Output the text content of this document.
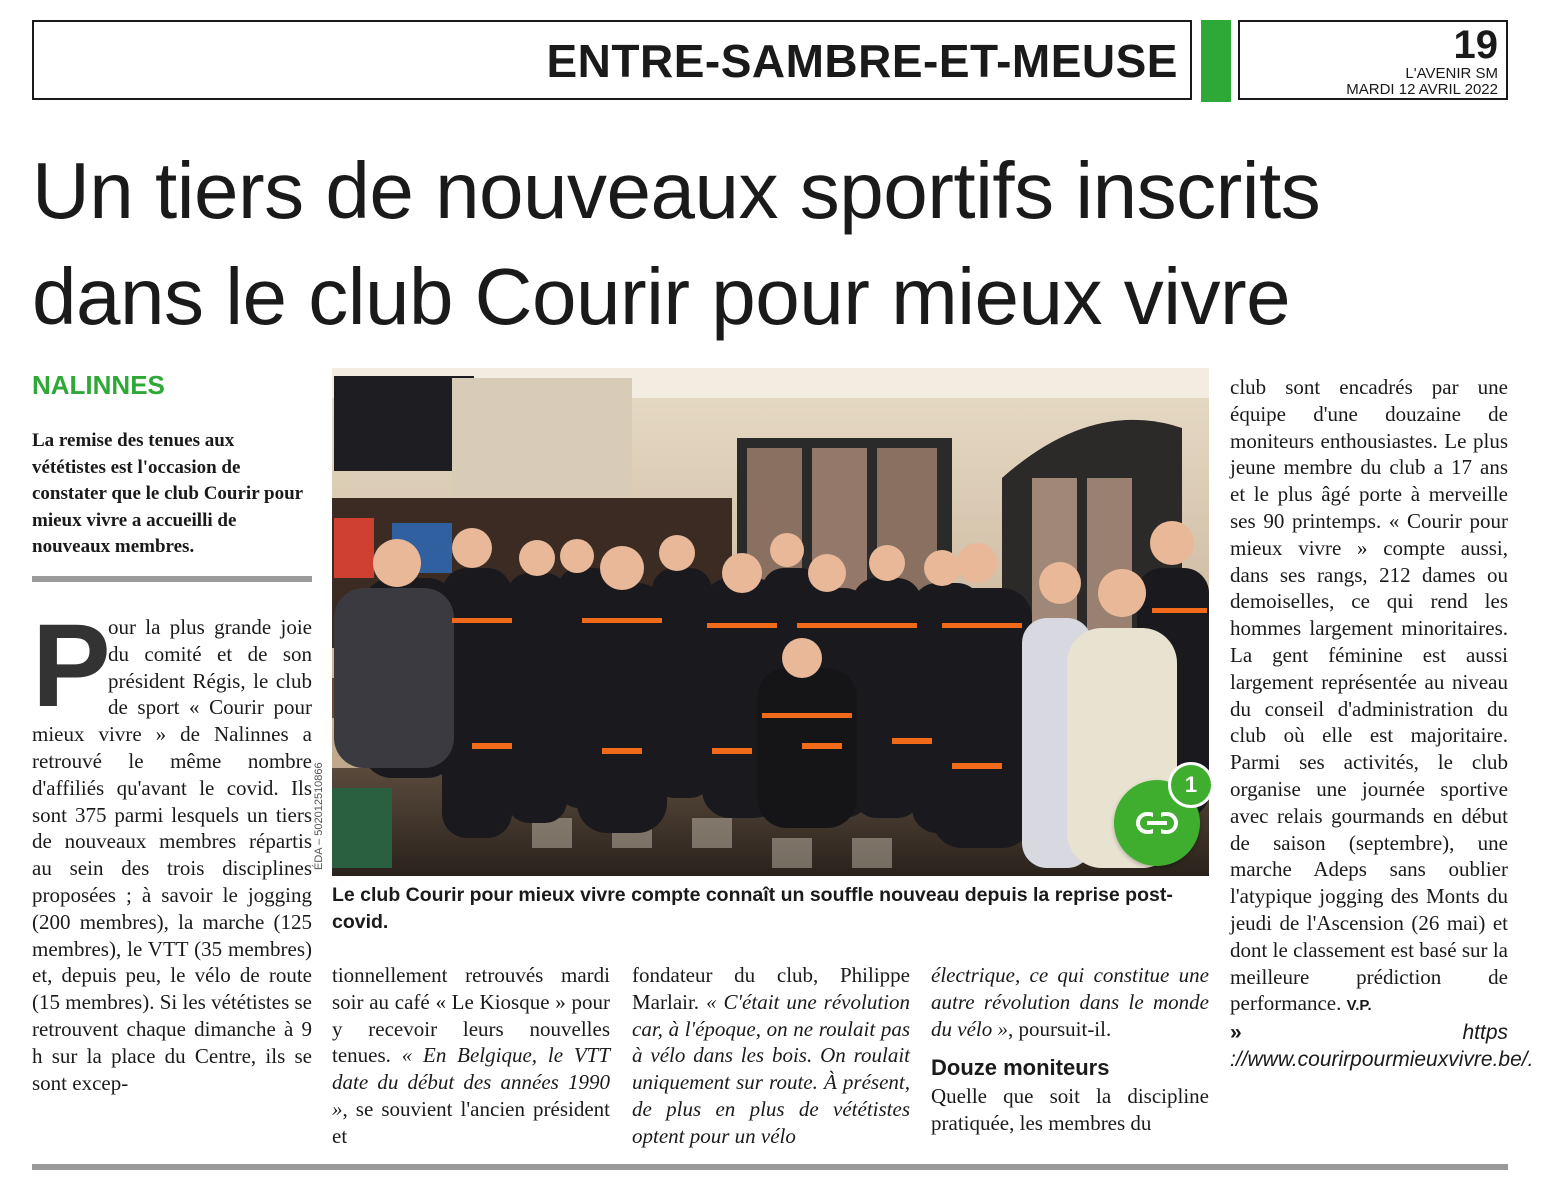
ENTRE-SAMBRE-ET-MEUSE	19
L'AVENIR SM
MARDI 12 AVRIL 2022
Un tiers de nouveaux sportifs inscrits
dans le club Courir pour mieux vivre
NALINNES
La remise des tenues aux vététistes est l'occasion de constater que le club Courir pour mieux vivre a accueilli de nouveaux membres.
P
our la plus grande joie du comité et de son président Régis, le club de sport « Courir pour mieux vivre » de Nalinnes a retrouvé le même nombre d'affiliés qu'avant le covid. Ils sont 375 parmi lesquels un tiers de nouveaux membres répartis au sein des trois disciplines proposées ; à savoir le jogging (200 membres), la marche (125 membres), le VTT (35 membres) et, depuis peu, le vélo de route (15 membres). Si les vététistes se retrouvent chaque dimanche à 9 h sur la place du Centre, ils se sont excep-
ÉDA – 502012510866
Le club Courir pour mieux vivre compte connaît un souffle nouveau depuis la reprise post-covid.
1
tionnellement retrouvés mardi soir au café « Le Kiosque » pour y recevoir leurs nouvelles tenues. « En Belgique, le VTT date du début des années 1990 », se souvient l'ancien président et
fondateur du club, Philippe Marlair. « C'était une révolution car, à l'époque, on ne roulait pas à vélo dans les bois. On roulait uniquement sur route. À présent, de plus en plus de vététistes optent pour un vélo
électrique, ce qui constitue une autre révolution dans le monde du vélo », poursuit-il.
Douze moniteurs
Quelle que soit la discipline pratiquée, les membres du
club sont encadrés par une équipe d'une douzaine de moniteurs enthousiastes. Le plus jeune membre du club a 17 ans et le plus âgé porte à merveille ses 90 printemps. « Courir pour mieux vivre » compte aussi, dans ses rangs, 212 dames ou demoiselles, ce qui rend les hommes largement minoritaires. La gent féminine est aussi largement représentée au niveau du conseil d'administration du club où elle est majoritaire. Parmi ses activités, le club organise une journée sportive avec relais gourmands en début de saison (septembre), une marche Adeps sans oublier l'atypique jogging des Monts du jeudi de l'Ascension (26 mai) et dont le classement est basé sur la meilleure prédiction de performance. V.P.
»	https ://www.courirpourmieuxvivre.be/.
